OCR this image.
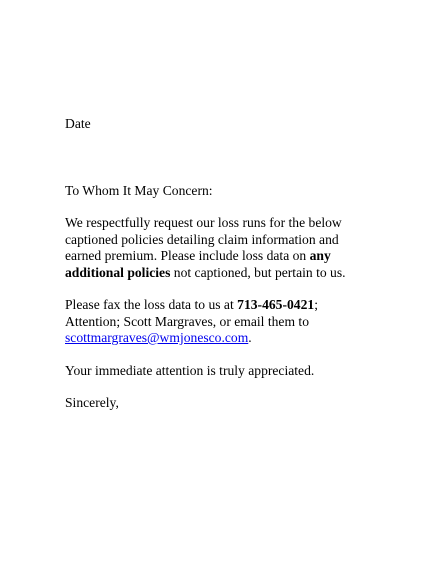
Date

To Whom It May Concern:

We respectfully request our loss runs for the below
captioned policies detailing claim information and
earned premium. Please include loss data on any
additional policies not captioned, but pertain to us.

Please fax the loss data to us at 713-465-0421;
Attention; Scott Margraves, or email them to
scottmargraves@wmjonesco.com.

Your immediate attention is truly appreciated.

Sincerely,
